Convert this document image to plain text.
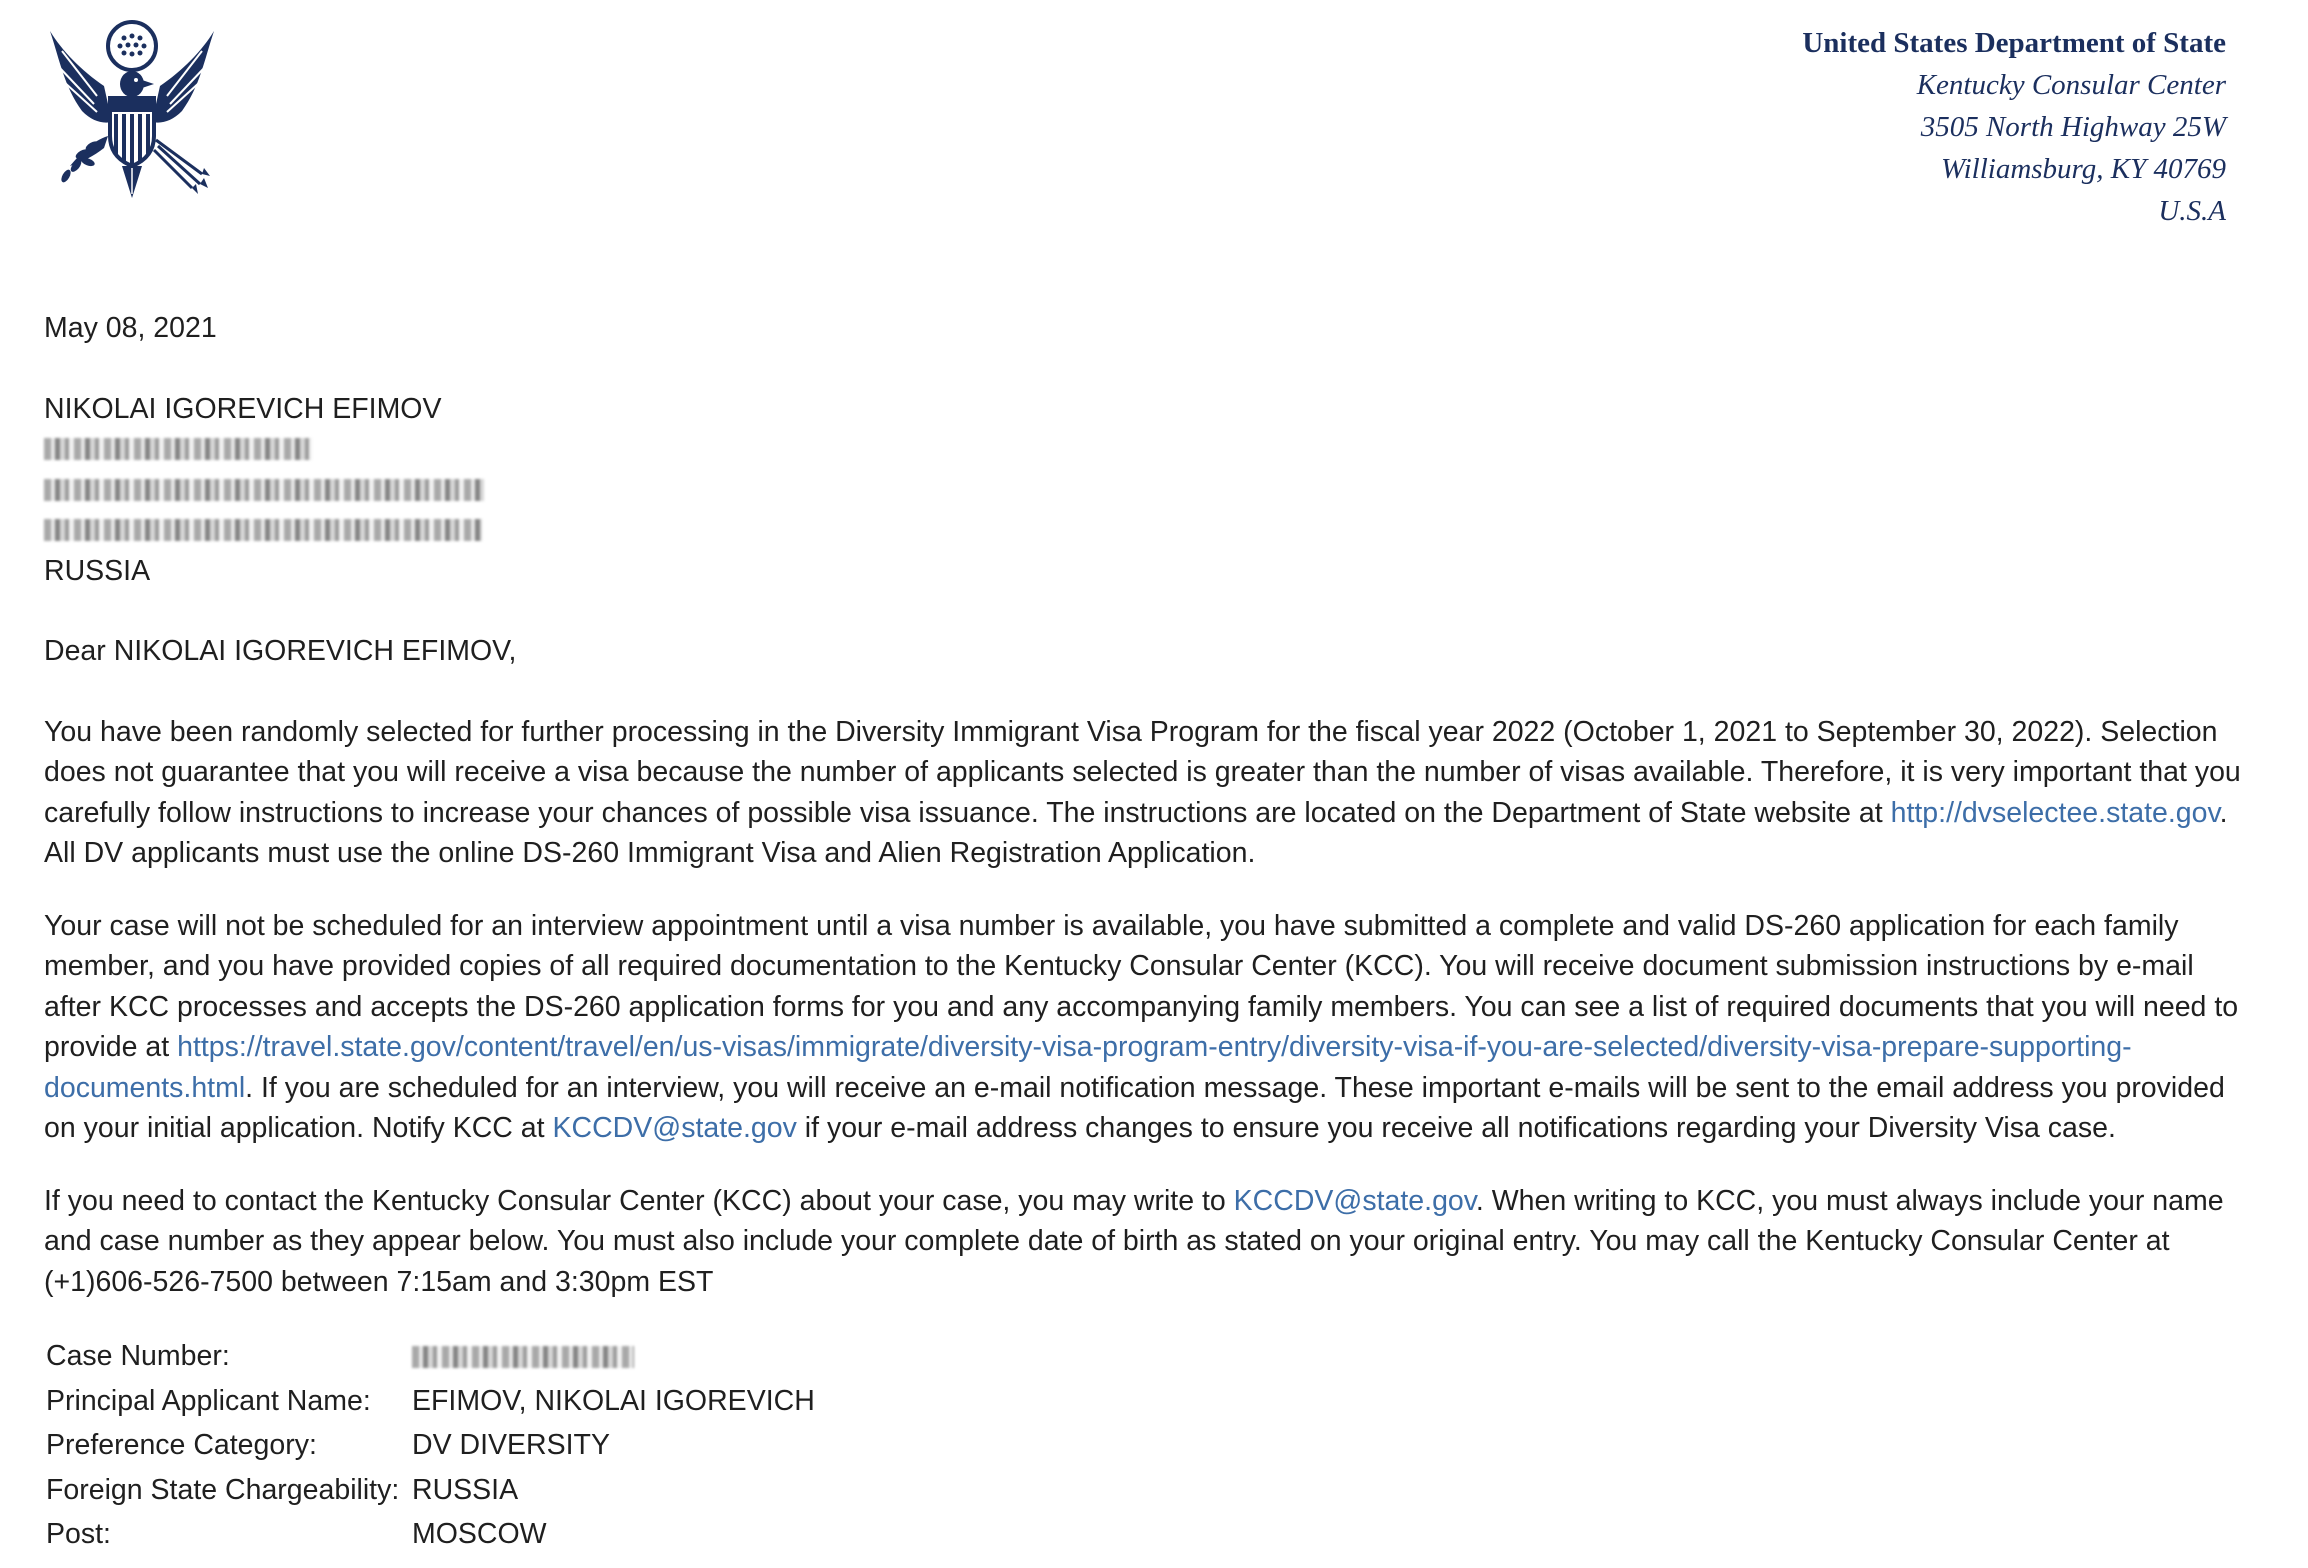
United States Department of State
Kentucky Consular Center
3505 North Highway 25W
Williamsburg, KY 40769
U.S.A

May 08, 2021

NIKOLAI IGOREVICH EFIMOV

RUSSIA

Dear NIKOLAI IGOREVICH EFIMOV,

You have been randomly selected for further processing in the Diversity Immigrant Visa Program for the fiscal year 2022 (October 1, 2021 to September 30, 2022). Selection does not guarantee that you will receive a visa because the number of applicants selected is greater than the number of visas available. Therefore, it is very important that you carefully follow instructions to increase your chances of possible visa issuance. The instructions are located on the Department of State website at http://dvselectee.state.gov. All DV applicants must use the online DS-260 Immigrant Visa and Alien Registration Application.

Your case will not be scheduled for an interview appointment until a visa number is available, you have submitted a complete and valid DS-260 application for each family member, and you have provided copies of all required documentation to the Kentucky Consular Center (KCC). You will receive document submission instructions by e-mail after KCC processes and accepts the DS-260 application forms for you and any accompanying family members. You can see a list of required documents that you will need to provide at https://travel.state.gov/content/travel/en/us-visas/immigrate/diversity-visa-program-entry/diversity-visa-if-you-are-selected/diversity-visa-prepare-supporting-documents.html. If you are scheduled for an interview, you will receive an e-mail notification message. These important e-mails will be sent to the email address you provided on your initial application. Notify KCC at KCCDV@state.gov if your e-mail address changes to ensure you receive all notifications regarding your Diversity Visa case.

If you need to contact the Kentucky Consular Center (KCC) about your case, you may write to KCCDV@state.gov. When writing to KCC, you must always include your name and case number as they appear below. You must also include your complete date of birth as stated on your original entry. You may call the Kentucky Consular Center at (+1)606-526-7500 between 7:15am and 3:30pm EST

Case Number:	
Principal Applicant Name:	EFIMOV, NIKOLAI IGOREVICH
Preference Category:	DV DIVERSITY
Foreign State Chargeability:	RUSSIA
Post:	MOSCOW
